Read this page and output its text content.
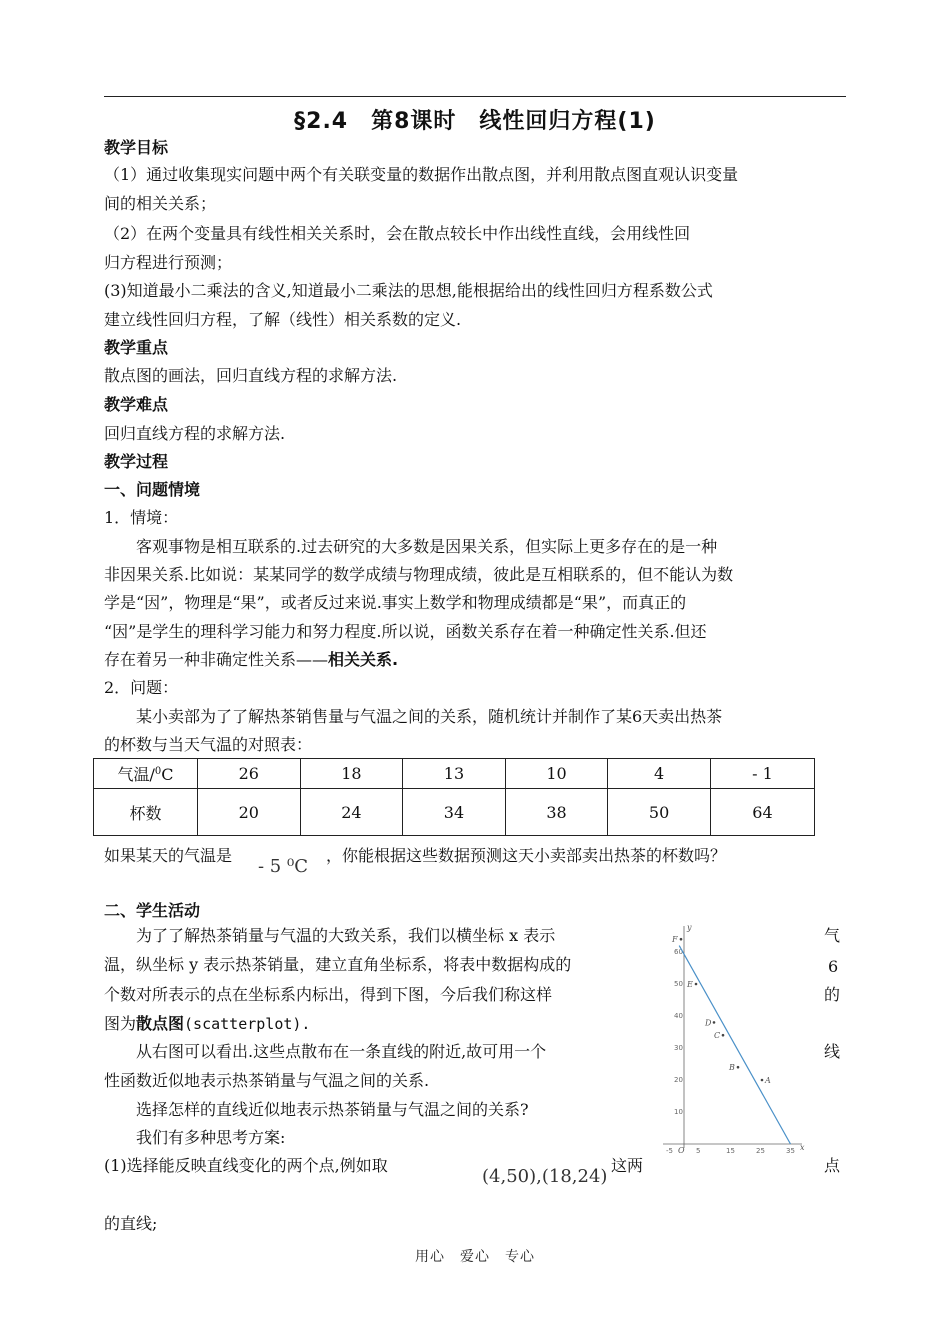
§2.4　第8课时　线性回归方程(1)
教学目标
（1）通过收集现实问题中两个有关联变量的数据作出散点图，并利用散点图直观认识变量
间的相关关系；
（2）在两个变量具有线性相关关系时，会在散点较长中作出线性直线，会用线性回
归方程进行预测；
(3)知道最小二乘法的含义,知道最小二乘法的思想,能根据给出的线性回归方程系数公式
建立线性回归方程，了解（线性）相关系数的定义.
教学重点
散点图的画法，回归直线方程的求解方法.
教学难点
回归直线方程的求解方法.
教学过程
一、问题情境
1．情境：
　　客观事物是相互联系的.过去研究的大多数是因果关系，但实际上更多存在的是一种
非因果关系.比如说：某某同学的数学成绩与物理成绩，彼此是互相联系的，但不能认为数
学是“因”，物理是“果”，或者反过来说.事实上数学和物理成绩都是“果”，而真正的
“因”是学生的理科学习能力和努力程度.所以说，函数关系存在着一种确定性关系.但还
存在着另一种非确定性关系——相关关系.
2．问题：
　　某小卖部为了了解热茶销售量与气温之间的关系，随机统计并制作了某6天卖出热茶
的杯数与当天气温的对照表：
气温/$^0$C	26	18	13	10	4	- 1
杯数	20	24	34	38	50	64
如果某天的气温是
- 5 ⁰C
，你能根据这些数据预测这天小卖部卖出热茶的杯数吗？
二、学生活动
　　为了了解热茶销量与气温的大致关系，我们以横坐标 x 表示
温，纵坐标 y 表示热茶销量，建立直角坐标系，将表中数据构成的
个数对所表示的点在坐标系内标出，得到下图，今后我们称这样
图为散点图(scatterplot).
　　从右图可以看出.这些点散布在一条直线的附近,故可用一个
性函数近似地表示热茶销量与气温之间的关系.
　　选择怎样的直线近似地表示热茶销量与气温之间的关系?
　　我们有多种思考方案:
(1)选择能反映直线变化的两个点,例如取
(4,50),(18,24)
这两
的直线;
气
6
的
线
点
x
y
O
-5	5	15	25	35
10
20
30
40
50
60
A
B
C
D
E
F
用心　爱心　专心
